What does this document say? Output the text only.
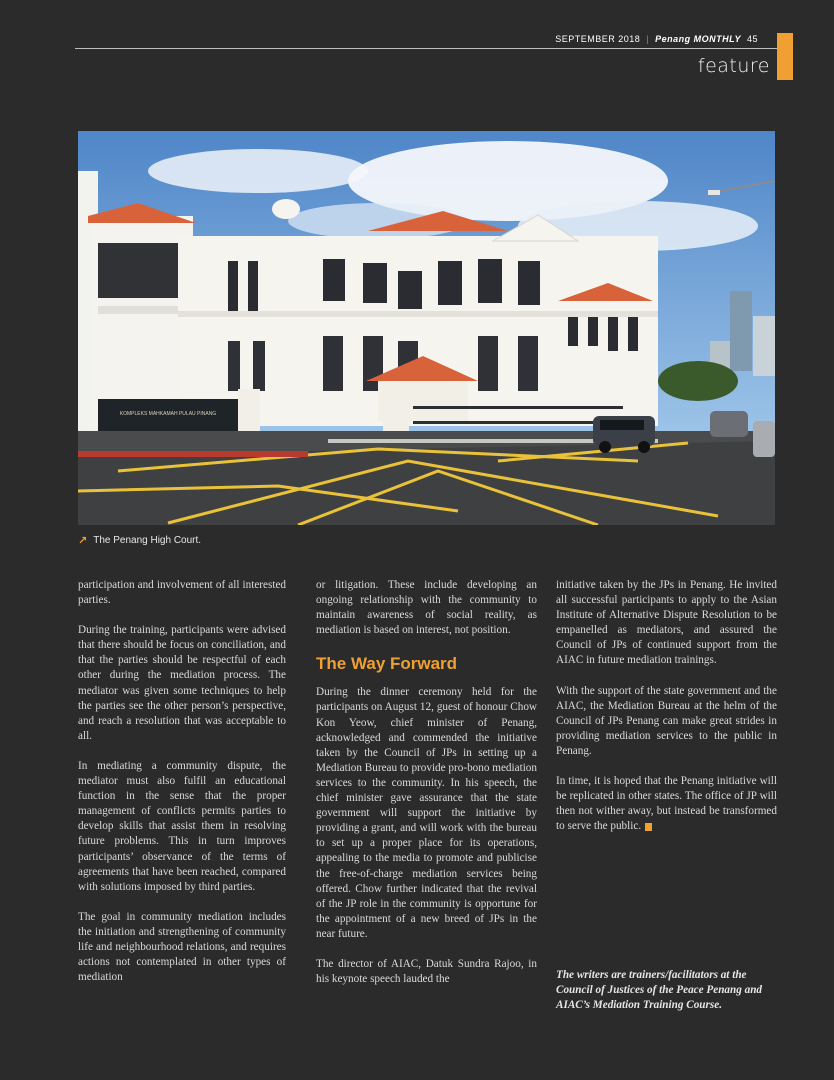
SEPTEMBER 2018 | Penang MONTHLY 45
feature
KOMPLEKS MAHKAMAH PULAU PINANG
↗ The Penang High Court.

participation and involvement of all interested parties.

During the training, participants were advised that there should be focus on conciliation, and that the parties should be respectful of each other during the mediation process. The mediator was given some techniques to help the parties see the other person’s perspective, and reach a resolution that was acceptable to all.

In mediating a community dispute, the mediator must also fulfil an educational function in the sense that the proper management of conflicts permits parties to develop skills that assist them in resolving future problems. This in turn improves participants’ observance of the terms of agreements that have been reached, compared with solutions imposed by third parties.

The goal in community mediation includes the initiation and strengthening of community life and neighbourhood relations, and requires actions not contemplated in other types of mediation

or litigation. These include developing an ongoing relationship with the community to maintain awareness of social reality, as mediation is based on interest, not position.

The Way Forward

During the dinner ceremony held for the participants on August 12, guest of honour Chow Kon Yeow, chief minister of Penang, acknowledged and commended the initiative taken by the Council of JPs in setting up a Mediation Bureau to provide pro-bono mediation services to the community. In his speech, the chief minister gave assurance that the state government will support the initiative by providing a grant, and will work with the bureau to set up a proper place for its operations, appealing to the media to promote and publicise the free-of-charge mediation services being offered. Chow further indicated that the revival of the JP role in the community is opportune for the appointment of a new breed of JPs in the near future.

The director of AIAC, Datuk Sundra Rajoo, in his keynote speech lauded the

initiative taken by the JPs in Penang. He invited all successful participants to apply to the Asian Institute of Alternative Dispute Resolution to be empanelled as mediators, and assured the Council of JPs of continued support from the AIAC in future mediation trainings.

With the support of the state government and the AIAC, the Mediation Bureau at the helm of the Council of JPs Penang can make great strides in providing mediation services to the public in Penang.

In time, it is hoped that the Penang initiative will be replicated in other states. The office of JP will then not wither away, but instead be transformed to serve the public.

The writers are trainers/facilitators at the Council of Justices of the Peace Penang and AIAC’s Mediation Training Course.
